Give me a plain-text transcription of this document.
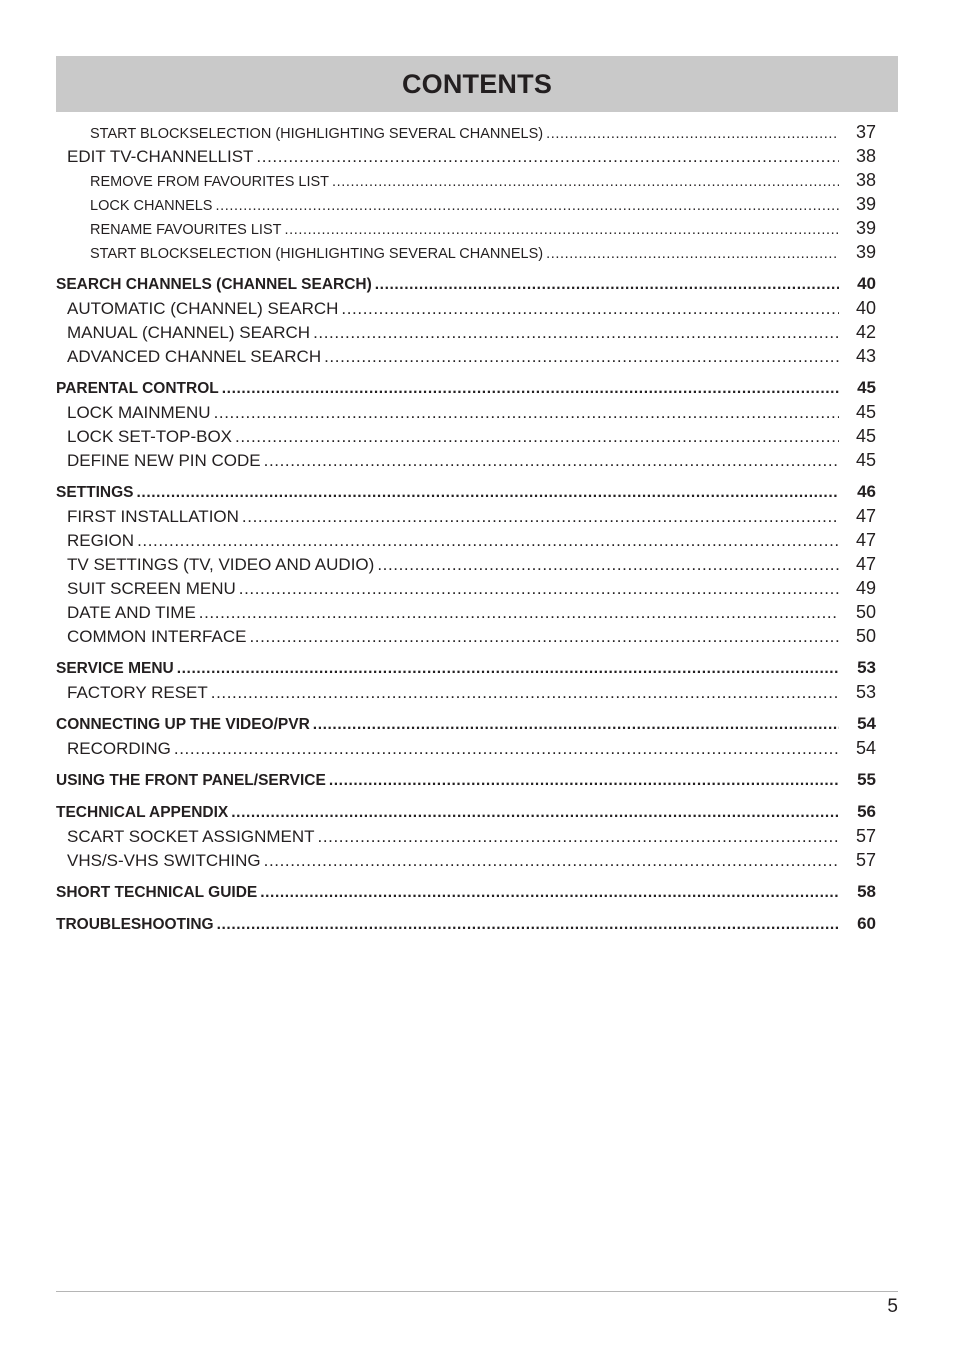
CONTENTS
START BLOCKSELECTION (HIGHLIGHTING SEVERAL CHANNELS) .....	37
EDIT TV-CHANNELLIST .....	38
REMOVE FROM FAVOURITES LIST .....	38
LOCK CHANNELS .....	39
RENAME FAVOURITES LIST .....	39
START BLOCKSELECTION (HIGHLIGHTING SEVERAL CHANNELS) .....	39
SEARCH CHANNELS (CHANNEL SEARCH) .....	40
AUTOMATIC (CHANNEL) SEARCH .....	40
MANUAL (CHANNEL) SEARCH .....	42
ADVANCED CHANNEL SEARCH .....	43
PARENTAL CONTROL .....	45
LOCK MAINMENU .....	45
LOCK SET-TOP-BOX .....	45
DEFINE NEW PIN CODE .....	45
SETTINGS .....	46
FIRST INSTALLATION .....	47
REGION .....	47
TV SETTINGS (TV, VIDEO AND AUDIO) .....	47
SUIT SCREEN MENU .....	49
DATE AND TIME .....	50
COMMON INTERFACE .....	50
SERVICE MENU .....	53
FACTORY RESET .....	53
CONNECTING UP THE VIDEO/PVR .....	54
RECORDING .....	54
USING THE FRONT PANEL/SERVICE .....	55
TECHNICAL APPENDIX .....	56
SCART SOCKET ASSIGNMENT .....	57
VHS/S-VHS SWITCHING .....	57
SHORT TECHNICAL GUIDE .....	58
TROUBLESHOOTING .....	60
5
